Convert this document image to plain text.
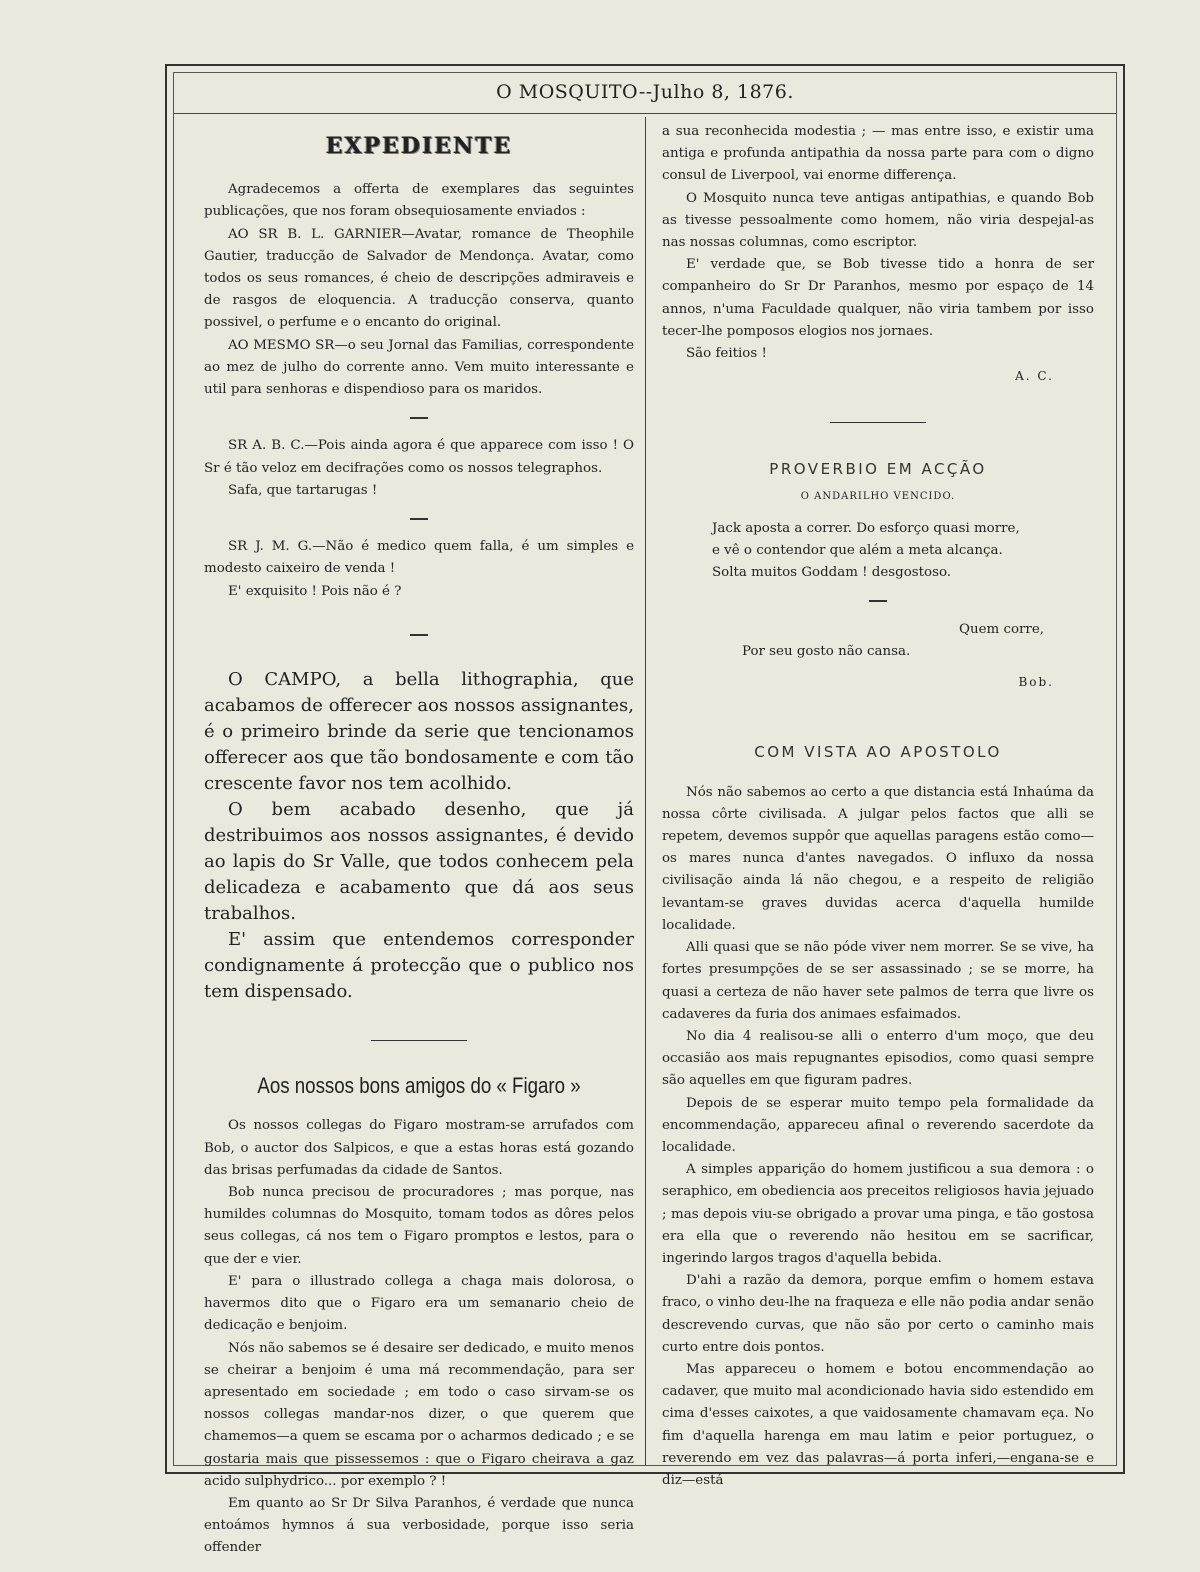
O MOSQUITO--Julho 8, 1876.
EXPEDIENTE

Agradecemos a offerta de exemplares das seguintes publicações, que nos foram obsequiosamente enviados :

AO SR B. L. GARNIER—Avatar, romance de Theophile Gautier, traducção de Salvador de Mendonça. Avatar, como todos os seus romances, é cheio de descripções admiraveis e de rasgos de eloquencia. A traducção conserva, quanto possivel, o perfume e o encanto do original.

AO MESMO SR—o seu Jornal das Familias, correspondente ao mez de julho do corrente anno. Vem muito interessante e util para senhoras e dispendioso para os maridos.

SR A. B. C.—Pois ainda agora é que apparece com isso ! O Sr é tão veloz em decifrações como os nossos telegraphos.

Safa, que tartarugas !

SR J. M. G.—Não é medico quem falla, é um simples e modesto caixeiro de venda !

E' exquisito ! Pois não é ?

O CAMPO, a bella lithographia, que acabamos de offerecer aos nossos assignantes, é o primeiro brinde da serie que tencionamos offerecer aos que tão bondosamente e com tão crescente favor nos tem acolhido.

O bem acabado desenho, que já destribuimos aos nossos assignantes, é devido ao lapis do Sr Valle, que todos conhecem pela delicadeza e acabamento que dá aos seus trabalhos.

E' assim que entendemos corresponder condignamente á protecção que o publico nos tem dispensado.

Aos nossos bons amigos do « Figaro »

Os nossos collegas do Figaro mostram-se arrufados com Bob, o auctor dos Salpicos, e que a estas horas está gozando das brisas perfumadas da cidade de Santos.

Bob nunca precisou de procuradores ; mas porque, nas humildes columnas do Mosquito, tomam todos as dôres pelos seus collegas, cá nos tem o Figaro promptos e lestos, para o que der e vier.

E' para o illustrado collega a chaga mais dolorosa, o havermos dito que o Figaro era um semanario cheio de dedicação e benjoim.

Nós não sabemos se é desaire ser dedicado, e muito menos se cheirar a benjoim é uma má recommendação, para ser apresentado em sociedade ; em todo o caso sirvam-se os nossos collegas mandar-nos dizer, o que querem que chamemos—a quem se escama por o acharmos dedicado ; e se gostaria mais que pissessemos : que o Figaro cheirava a gaz acido sulphydrico... por exemplo ? !

Em quanto ao Sr Dr Silva Paranhos, é verdade que nunca entoámos hymnos á sua verbosidade, porque isso seria offender

a sua reconhecida modestia ; — mas entre isso, e existir uma antiga e profunda antipathia da nossa parte para com o digno consul de Liverpool, vai enorme differença.

O Mosquito nunca teve antigas antipathias, e quando Bob as tivesse pessoalmente como homem, não viria despejal-as nas nossas columnas, como escriptor.

E' verdade que, se Bob tivesse tido a honra de ser companheiro do Sr Dr Paranhos, mesmo por espaço de 14 annos, n'uma Faculdade qualquer, não viria tambem por isso tecer-lhe pomposos elogios nos jornaes.

São feitios !

A. C.
PROVERBIO EM ACÇÃO
O ANDARILHO VENCIDO.

Jack aposta a correr. Do esforço quasi morre,

e vê o contendor que além a meta alcança.

Solta muitos Goddam ! desgostoso.

Quem corre,

Por seu gosto não cansa.

Bob.
COM VISTA AO APOSTOLO

Nós não sabemos ao certo a que distancia está Inhaúma da nossa côrte civilisada. A julgar pelos factos que alli se repetem, devemos suppôr que aquellas paragens estão como—os mares nunca d'antes navegados. O influxo da nossa civilisação ainda lá não chegou, e a respeito de religião levantam-se graves duvidas acerca d'aquella humilde localidade.

Alli quasi que se não póde viver nem morrer. Se se vive, ha fortes presumpções de se ser assassinado ; se se morre, ha quasi a certeza de não haver sete palmos de terra que livre os cadaveres da furia dos animaes esfaimados.

No dia 4 realisou-se alli o enterro d'um moço, que deu occasião aos mais repugnantes episodios, como quasi sempre são aquelles em que figuram padres.

Depois de se esperar muito tempo pela formalidade da encommendação, appareceu afinal o reverendo sacerdote da localidade.

A simples apparição do homem justificou a sua demora : o seraphico, em obediencia aos preceitos religiosos havia jejuado ; mas depois viu-se obrigado a provar uma pinga, e tão gostosa era ella que o reverendo não hesitou em se sacrificar, ingerindo largos tragos d'aquella bebida.

D'ahi a razão da demora, porque emfim o homem estava fraco, o vinho deu-lhe na fraqueza e elle não podia andar senão descrevendo curvas, que não são por certo o caminho mais curto entre dois pontos.

Mas appareceu o homem e botou encommendação ao cadaver, que muito mal acondicionado havia sido estendido em cima d'esses caixotes, a que vaidosamente chamavam eça. No fim d'aquella harenga em mau latim e peior portuguez, o reverendo em vez das palavras—á porta inferi,—engana-se e diz—está
